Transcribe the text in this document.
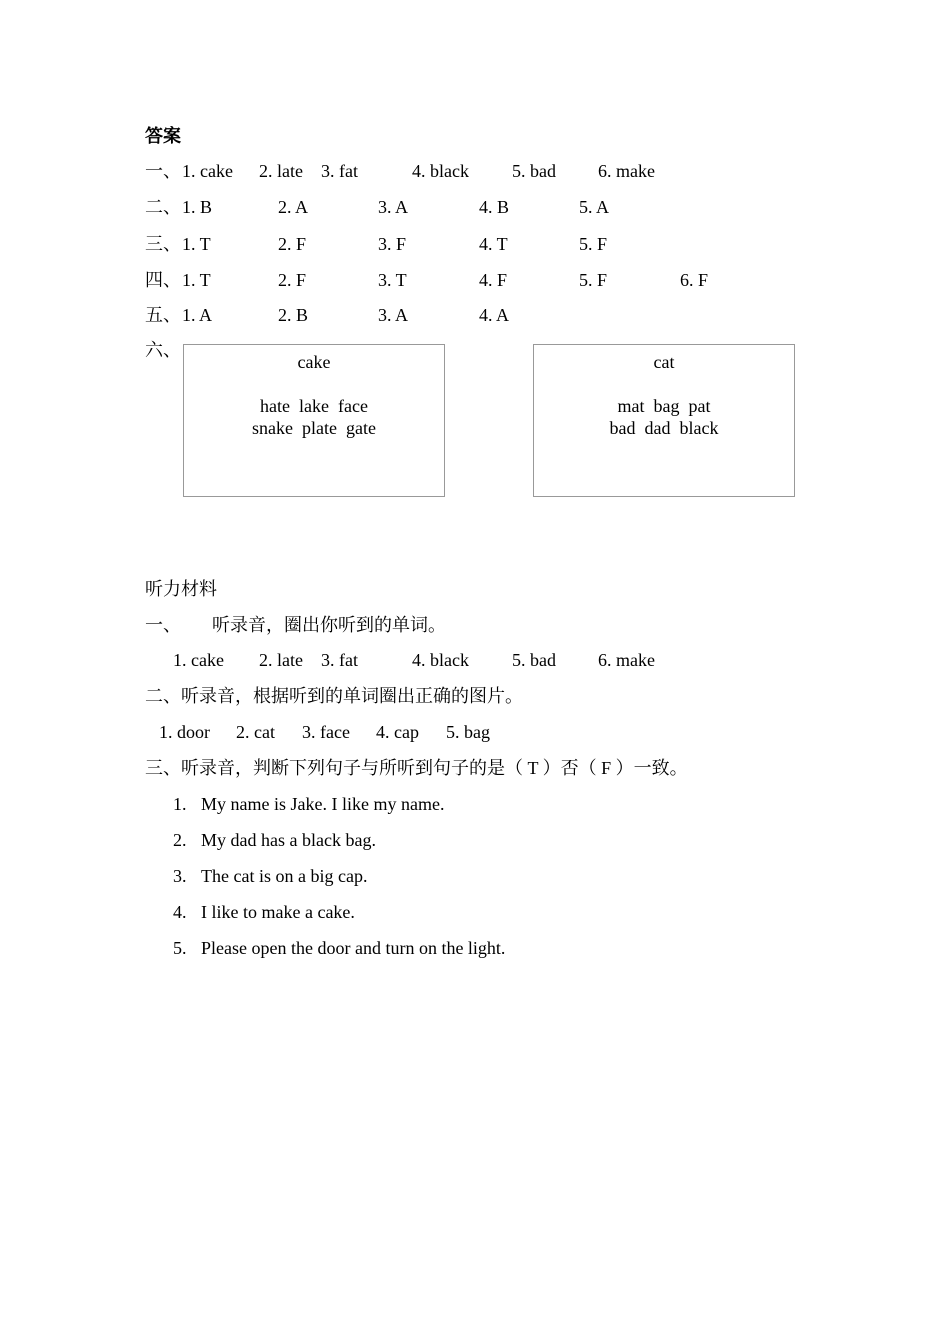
答案
一、 1. cake 2. late 3. fat	4. black 5. bad 6. make
二、 1. B	2. A	3. A	4. B	5. A
三、 1. T	2. F	3. F	4. T	5. F
四、 1. T	2. F	3. T	4. F	5. F	6. F
五、 1. A	2. B	3. A	4. A
六、
cake
hate  lake  face
snake  plate  gate
cat
mat  bag  pat
bad  dad  black
听力材料
一、 听录音，圈出你听到的单词。
1. cake 2. late 3. fat	4. black 5. bad 6. make
二、听录音，根据听到的单词圈出正确的图片。
1. door 2. cat 3. face 4. cap 5. bag
三、听录音，判断下列句子与所听到句子的是（ T ）否（ F ）一致。
1. My name is Jake. I like my name.
2. My dad has a black bag.
3. The cat is on a big cap.
4. I like to make a cake.
5. Please open the door and turn on the light.
